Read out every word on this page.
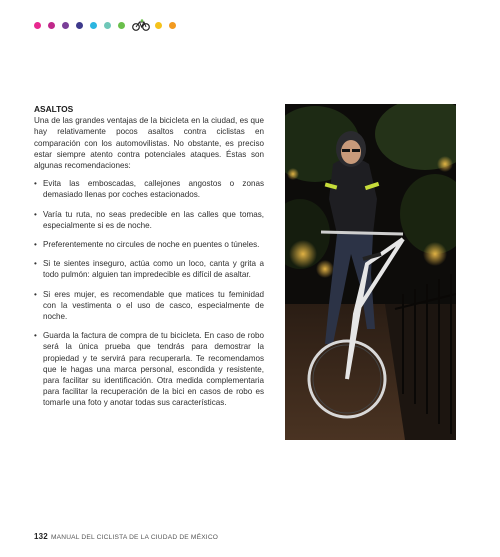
ASALTOS

Una de las grandes ventajas de la bicicleta en la ciudad, es que hay relativamente pocos asaltos contra ciclistas en comparación con los automovilistas. No obstante, es preciso estar siempre atento contra potenciales ataques. Éstas son algunas recomendaciones:

• Evita las emboscadas, callejones angostos o zonas demasiado llenas por coches estacionados.
• Varía tu ruta, no seas predecible en las calles que tomas, especialmente si es de noche.
• Preferentemente no circules de noche en puentes o túneles.
• Si te sientes inseguro, actúa como un loco, canta y grita a todo pulmón: alguien tan impredecible es difícil de asaltar.
• Si eres mujer, es recomendable que matices tu feminidad con la vestimenta o el uso de casco, especialmente de noche.
• Guarda la factura de compra de tu bicicleta. En caso de robo será la única prueba que tendrás para demostrar la propiedad y te servirá para recuperarla. Te recomendamos que le hagas una marca personal, escondida y resistente, para facilitar su identificación. Otra medida complementaria para facilitar la recuperación de la bici en casos de robo es tomarle una foto y anotar todas sus características.
132 MANUAL DEL CICLISTA DE LA CIUDAD DE MÉXICO
